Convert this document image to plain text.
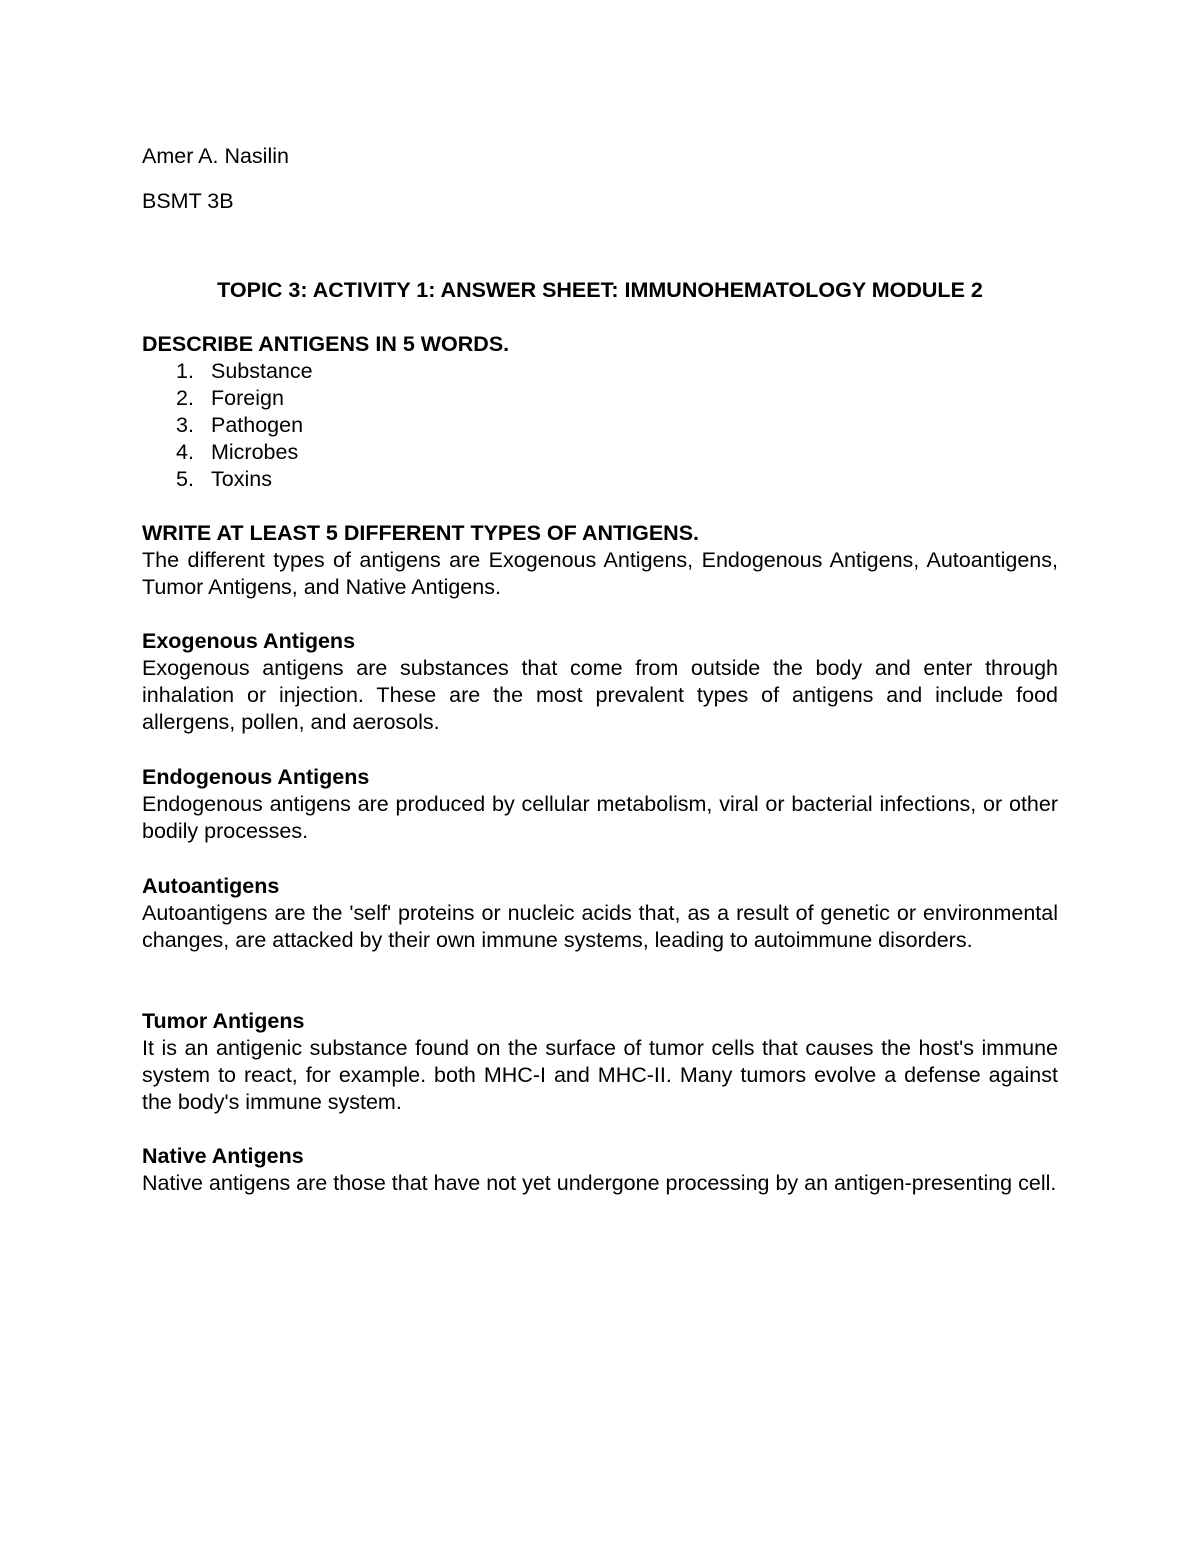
Amer A. Nasilin
BSMT 3B
TOPIC 3: ACTIVITY 1: ANSWER SHEET: IMMUNOHEMATOLOGY MODULE 2
DESCRIBE ANTIGENS IN 5 WORDS.
1. Substance
2. Foreign
3. Pathogen
4. Microbes
5. Toxins
WRITE AT LEAST 5 DIFFERENT TYPES OF ANTIGENS.

The different types of antigens are Exogenous Antigens, Endogenous Antigens, Autoantigens, Tumor Antigens, and Native Antigens.

Exogenous Antigens

Exogenous antigens are substances that come from outside the body and enter through inhalation or injection. These are the most prevalent types of antigens and include food allergens, pollen, and aerosols.

Endogenous Antigens

Endogenous antigens are produced by cellular metabolism, viral or bacterial infections, or other bodily processes.

Autoantigens

Autoantigens are the 'self' proteins or nucleic acids that, as a result of genetic or environmental changes, are attacked by their own immune systems, leading to autoimmune disorders.

Tumor Antigens

It is an antigenic substance found on the surface of tumor cells that causes the host's immune system to react, for example. both MHC-I and MHC-II. Many tumors evolve a defense against the body's immune system.

Native Antigens

Native antigens are those that have not yet undergone processing by an antigen-presenting cell.
